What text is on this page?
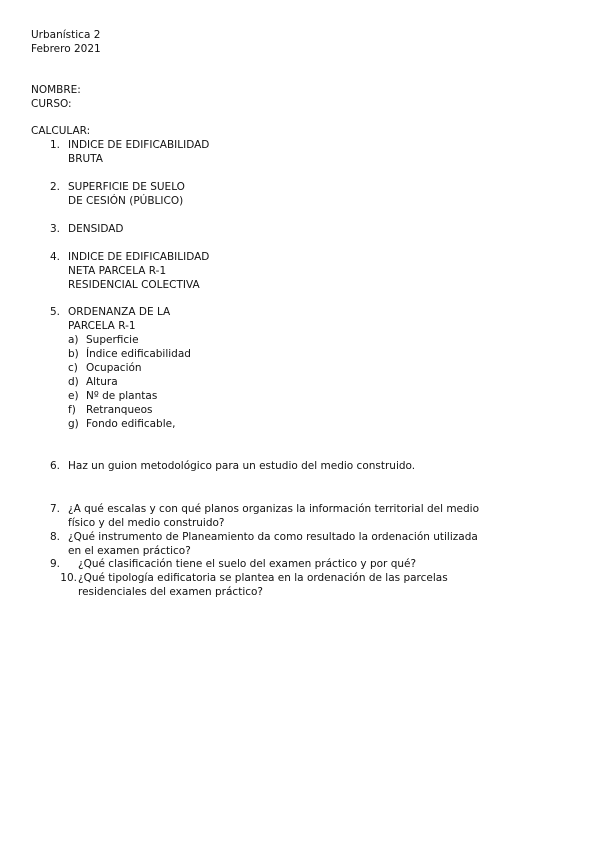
Urbanística 2
Febrero 2021
NOMBRE:
CURSO:
CALCULAR:
1. INDICE DE EDIFICABILIDAD
BRUTA
2. SUPERFICIE DE SUELO
DE CESIÓN (PÚBLICO)
3. DENSIDAD
4. INDICE DE EDIFICABILIDAD
NETA PARCELA R-1
RESIDENCIAL COLECTIVA
5. ORDENANZA DE LA
PARCELA R-1
a) Superficie
b) Índice edificabilidad
c) Ocupación
d) Altura
e) Nº de plantas
f) Retranqueos
g) Fondo edificable,
6. Haz un guion metodológico para un estudio del medio construido.
7. ¿A qué escalas y con qué planos organizas la información territorial del medio
físico y del medio construido?
8. ¿Qué instrumento de Planeamiento da como resultado la ordenación utilizada
en el examen práctico?
9. ¿Qué clasificación tiene el suelo del examen práctico y por qué?
10. ¿Qué tipología edificatoria se plantea en la ordenación de las parcelas
residenciales del examen práctico?
